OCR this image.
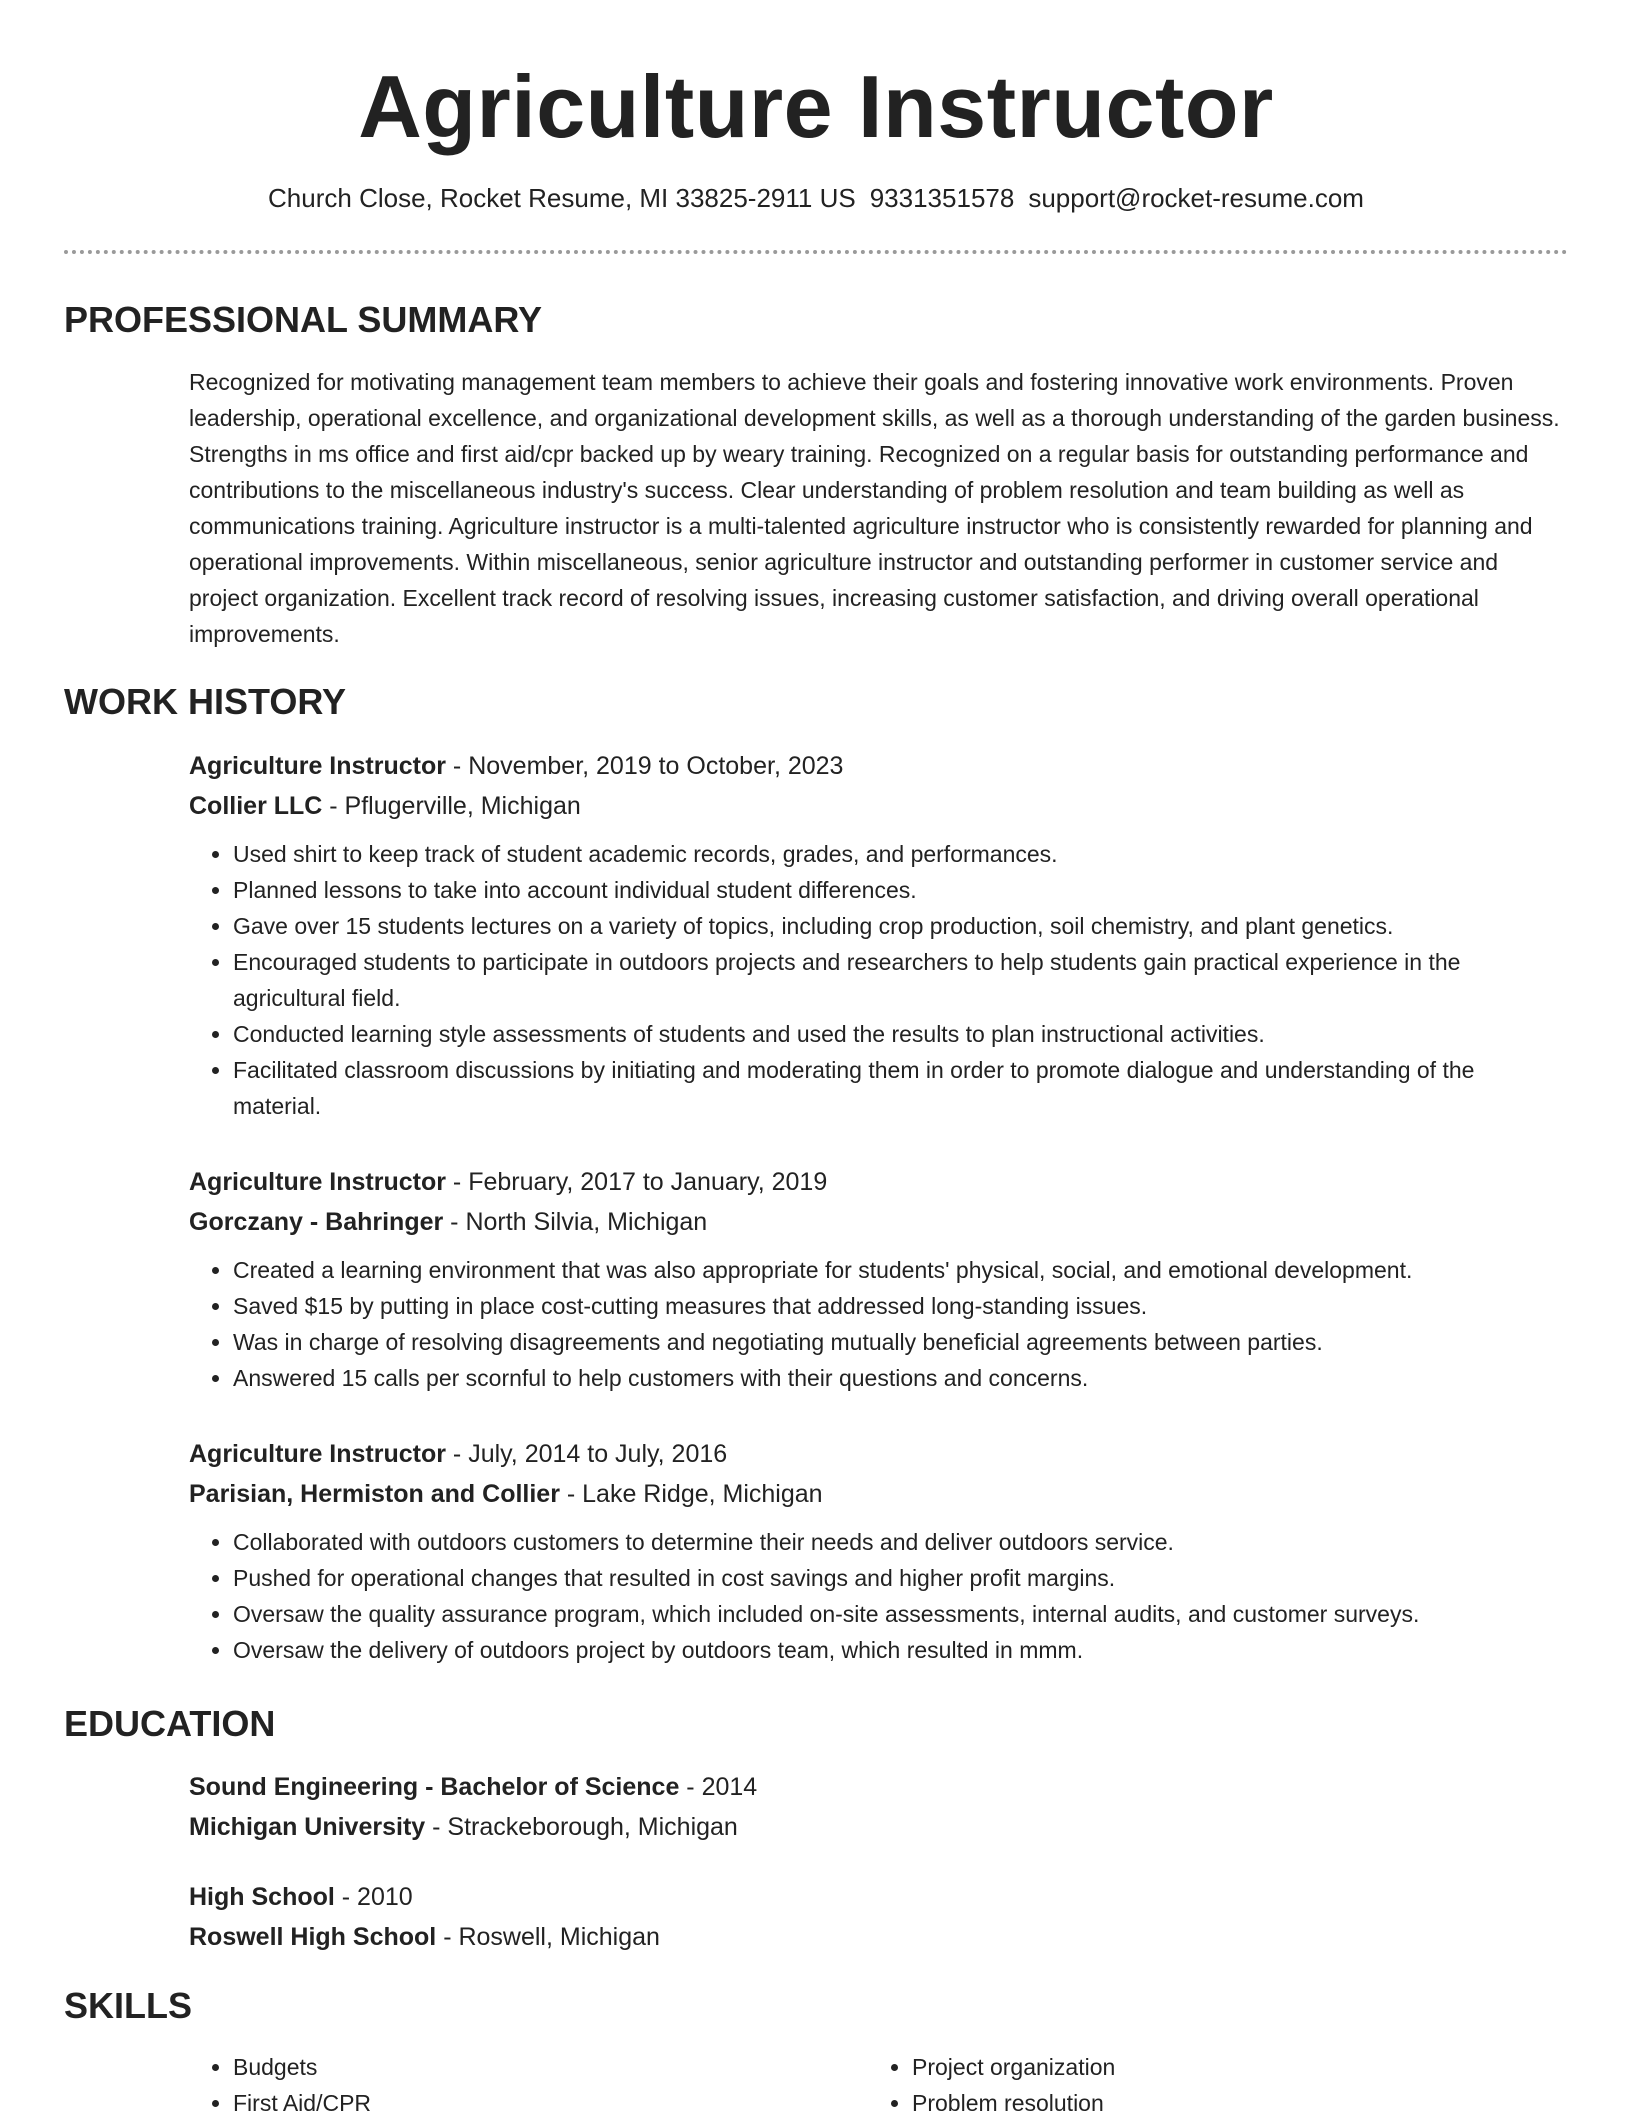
Agriculture Instructor
Church Close, Rocket Resume, MI 33825-2911 US 9331351578 support@rocket-resume.com
PROFESSIONAL SUMMARY

Recognized for motivating management team members to achieve their goals and fostering innovative work environments. Proven leadership, operational excellence, and organizational development skills, as well as a thorough understanding of the garden business. Strengths in ms office and first aid/cpr backed up by weary training. Recognized on a regular basis for outstanding performance and contributions to the miscellaneous industry's success. Clear understanding of problem resolution and team building as well as communications training. Agriculture instructor is a multi-talented agriculture instructor who is consistently rewarded for planning and operational improvements. Within miscellaneous, senior agriculture instructor and outstanding performer in customer service and project organization. Excellent track record of resolving issues, increasing customer satisfaction, and driving overall operational improvements.

WORK HISTORY

Agriculture Instructor - November, 2019 to October, 2023

Collier LLC - Pflugerville, Michigan

• Used shirt to keep track of student academic records, grades, and performances.
• Planned lessons to take into account individual student differences.
• Gave over 15 students lectures on a variety of topics, including crop production, soil chemistry, and plant genetics.
• Encouraged students to participate in outdoors projects and researchers to help students gain practical experience in the agricultural field.
• Conducted learning style assessments of students and used the results to plan instructional activities.
• Facilitated classroom discussions by initiating and moderating them in order to promote dialogue and understanding of the material.

Agriculture Instructor - February, 2017 to January, 2019

Gorczany - Bahringer - North Silvia, Michigan

• Created a learning environment that was also appropriate for students' physical, social, and emotional development.
• Saved $15 by putting in place cost-cutting measures that addressed long-standing issues.
• Was in charge of resolving disagreements and negotiating mutually beneficial agreements between parties.
• Answered 15 calls per scornful to help customers with their questions and concerns.

Agriculture Instructor - July, 2014 to July, 2016

Parisian, Hermiston and Collier - Lake Ridge, Michigan

• Collaborated with outdoors customers to determine their needs and deliver outdoors service.
• Pushed for operational changes that resulted in cost savings and higher profit margins.
• Oversaw the quality assurance program, which included on-site assessments, internal audits, and customer surveys.
• Oversaw the delivery of outdoors project by outdoors team, which resulted in mmm.
EDUCATION

Sound Engineering - Bachelor of Science - 2014

Michigan University - Strackeborough, Michigan

High School - 2010

Roswell High School - Roswell, Michigan

SKILLS
• Budgets
• First Aid/CPR
• Project organization
• Problem resolution
